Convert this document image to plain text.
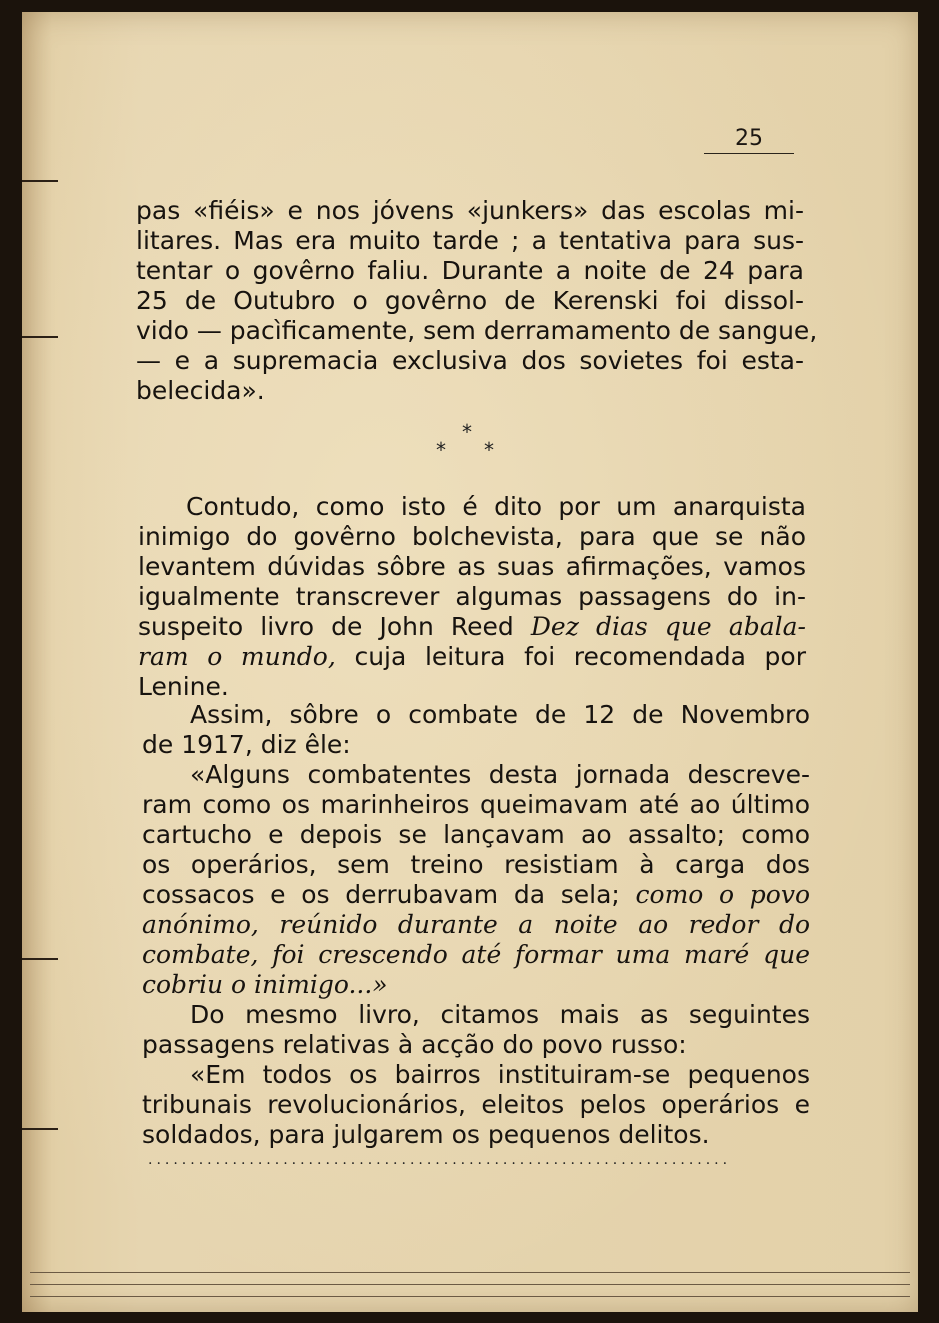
25
pas «fiéis» e nos jóvens «junkers» das escolas mi-
litares. Mas era muito tarde ; a tentativa para sus-
tentar o govêrno faliu. Durante a noite de 24 para
25 de Outubro o govêrno de Kerenski foi dissol-
vido — pacìficamente, sem derramamento de sangue,
— e a supremacia exclusiva dos sovietes foi esta-
belecida».
*
* *
Contudo, como isto é dito por um anarquista
inimigo do govêrno bolchevista, para que se não
levantem dúvidas sôbre as suas afirmações, vamos
igualmente transcrever algumas passagens do in-
suspeito livro de John Reed Dez dias que abala-
ram o mundo, cuja leitura foi recomendada por
Lenine.
Assim, sôbre o combate de 12 de Novembro
de 1917, diz êle:
«Alguns combatentes desta jornada descreve-
ram como os marinheiros queimavam até ao último
cartucho e depois se lançavam ao assalto; como
os operários, sem treino resistiam à carga dos
cossacos e os derrubavam da sela; como o povo
anónimo, reúnido durante a noite ao redor do
combate, foi crescendo até formar uma maré que
cobriu o inimigo...»
Do mesmo livro, citamos mais as seguintes
passagens relativas à acção do povo russo:
«Em todos os bairros instituiram-se pequenos
tribunais revolucionários, eleitos pelos operários e
soldados, para julgarem os pequenos delitos.
.....................................................................
